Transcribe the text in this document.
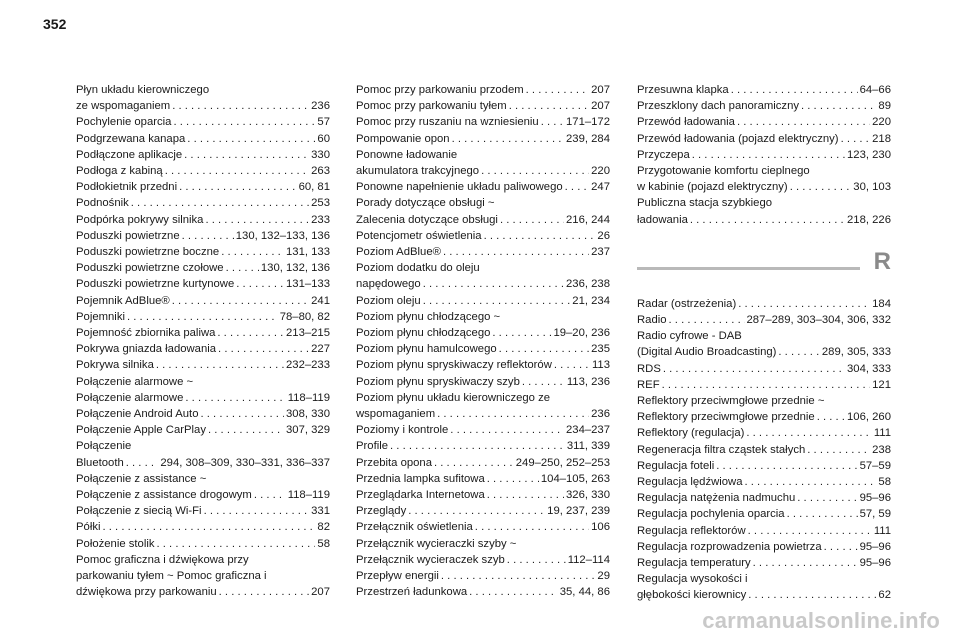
352
Płyn układu kierowniczego
ze wspomaganiem . . .	236
Pochylenie oparcia . . .	57
Podgrzewana kanapa . . .	60
Podłączone aplikacje . . .	330
Podłoga z kabiną . . .	263
Podłokietnik przedni . . .	60, 81
Podnośnik . . .	253
Podpórka pokrywy silnika . . .	233
Poduszki powietrzne . . .	130, 132–133, 136
Poduszki powietrzne boczne . . .	131, 133
Poduszki powietrzne czołowe . . .	130, 132, 136
Poduszki powietrzne kurtynowe . . .	131–133
Pojemnik AdBlue® . . .	241
Pojemniki . . .	78–80, 82
Pojemność zbiornika paliwa . . .	213–215
Pokrywa gniazda ładowania . . .	227
Pokrywa silnika . . .	232–233
Połączenie alarmowe ~
Połączenie alarmowe . . .	118–119
Połączenie Android Auto . . .	308, 330
Połączenie Apple CarPlay . . .	307, 329
Połączenie
Bluetooth . . .	294, 308–309, 330–331, 336–337
Połączenie z assistance ~
Połączenie z assistance drogowym . . .	118–119
Połączenie z siecią Wi-Fi . . .	331
Półki . . .	82
Położenie stolik . . .	58
Pomoc graficzna i dźwiękowa przy
parkowaniu tyłem ~ Pomoc graficzna i
dźwiękowa przy parkowaniu . . .	207
Pomoc przy parkowaniu przodem . . .	207
Pomoc przy parkowaniu tyłem . . .	207
Pomoc przy ruszaniu na wzniesieniu . . . 171–172
Pompowanie opon . . .	239, 284
Ponowne ładowanie
akumulatora trakcyjnego . . .	220
Ponowne napełnienie układu paliwowego . . .	247
Porady dotyczące obsługi ~
Zalecenia dotyczące obsługi . . .	216, 244
Potencjometr oświetlenia . . .	26
Poziom AdBlue® . . .	237
Poziom dodatku do oleju
napędowego . . .	236, 238
Poziom oleju . . .	21, 234
Poziom płynu chłodzącego ~
Poziom płynu chłodzącego . . .	19–20, 236
Poziom płynu hamulcowego . . .	235
Poziom płynu spryskiwaczy reflektorów . . .	113
Poziom płynu spryskiwaczy szyb . . .	113, 236
Poziom płynu układu kierowniczego ze
wspomaganiem . . .	236
Poziomy i kontrole . . .	234–237
Profile . . .	311, 339
Przebita opona . . .	249–250, 252–253
Przednia lampka sufitowa . . .	104–105, 263
Przeglądarka Internetowa . . .	326, 330
Przeglądy . . .	19, 237, 239
Przełącznik oświetlenia . . .	106
Przełącznik wycieraczki szyby ~
Przełącznik wycieraczek szyb . . .	112–114
Przepływ energii . . .	29
Przestrzeń ładunkowa . . .	35, 44, 86
Przesuwna klapka . . .	64–66
Przeszklony dach panoramiczny . . .	89
Przewód ładowania . . .	220
Przewód ładowania (pojazd elektryczny) . . .	218
Przyczepa . . .	123, 230
Przygotowanie komfortu cieplnego
w kabinie (pojazd elektryczny) . . .	30, 103
Publiczna stacja szybkiego
ładowania . . .	218, 226
R
Radar (ostrzeżenia) . . .	184
Radio . . .	287–289, 303–304, 306, 332
Radio cyfrowe - DAB
(Digital Audio Broadcasting) . . .	289, 305, 333
RDS . . .	304, 333
REF . . .	121
Reflektory przeciwmgłowe przednie ~
Reflektory przeciwmgłowe przednie . . .	106, 260
Reflektory (regulacja) . . .	111
Regeneracja filtra cząstek stałych . . .	238
Regulacja foteli . . .	57–59
Regulacja lędźwiowa . . .	58
Regulacja natężenia nadmuchu . . .	95–96
Regulacja pochylenia oparcia . . .	57, 59
Regulacja reflektorów . . .	111
Regulacja rozprowadzenia powietrza . . .	95–96
Regulacja temperatury . . .	95–96
Regulacja wysokości i
głębokości kierownicy . . .	62
carmanualsonline.info
